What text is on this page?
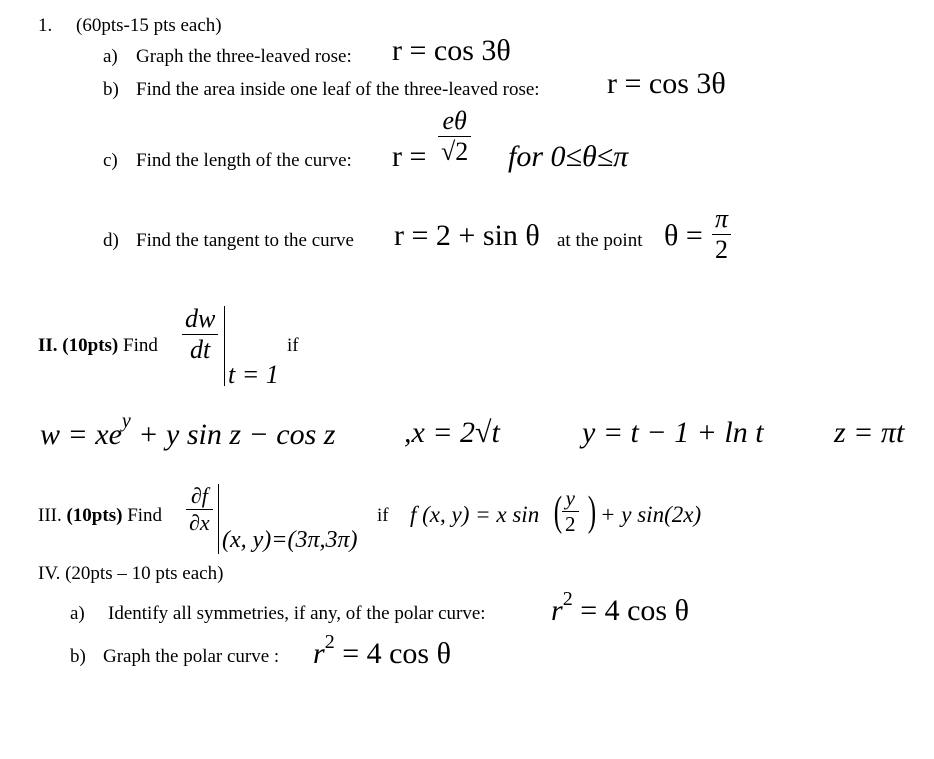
1. (60pts-15 pts each)
a) Graph the three-leaved rose: r = cos 3θ
b) Find the area inside one leaf of the three-leaved rose: r = cos 3θ
c) Find the length of the curve: $r = \frac{e\theta}{√2}$ for 0≤θ≤π
d) Find the tangent to the curve r = 2 + sin θ at the point $\theta = \frac{\pi}{2}$
II. (10pts) Find $\frac{dw}{dt}$
t = 1
if
$w = xe^y + y$ sin z − cos z ,x = 2√t	y = t − 1 + ln t z = πt
III. (10pts) Find $\frac{\partial f}{\partial x}$
(x, y)=(3π,3π)
if f (x, y) = x sin ( $\frac{y}{2}$ ) + y sin(2x)
IV. (20pts – 10 pts each)
a) Identify all symmetries, if any, of the polar curve: $r^2 = 4$ cos θ
b) Graph the polar curve : $r^2 = 4$ cos θ
